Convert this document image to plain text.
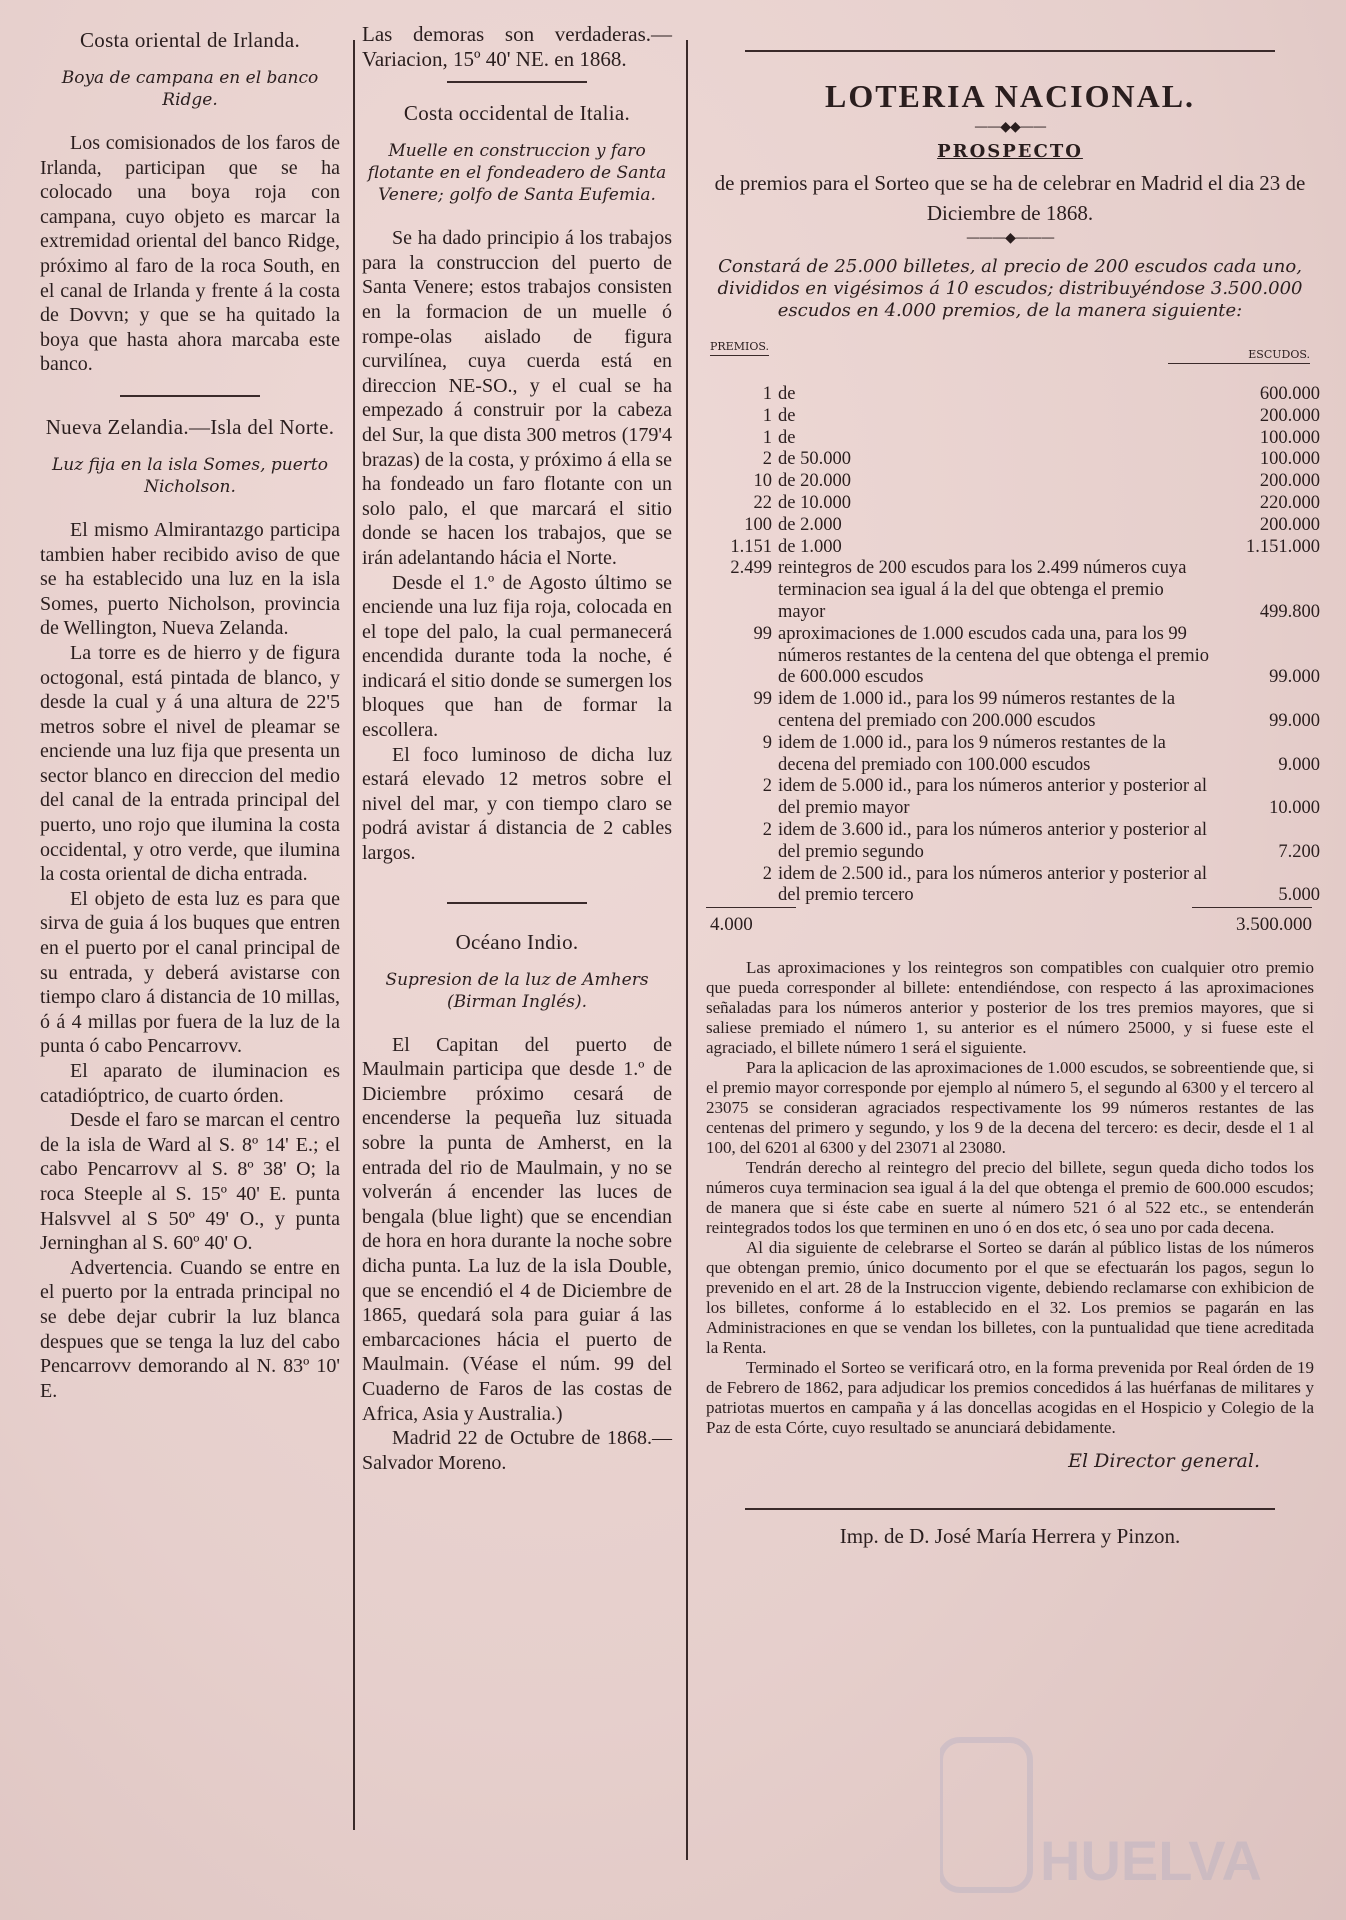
Costa oriental de Irlanda.
Boya de campana en el banco Ridge.

Los comisionados de los faros de Irlanda, participan que se ha colocado una boya roja con campana, cuyo objeto es marcar la extremidad oriental del banco Ridge, próximo al faro de la roca South, en el canal de Irlanda y frente á la costa de Dovvn; y que se ha quitado la boya que hasta ahora marcaba este banco.

Nueva Zelandia.—Isla del Norte.
Luz fija en la isla Somes, puerto Nicholson.

El mismo Almirantazgo participa tambien haber recibido aviso de que se ha establecido una luz en la isla Somes, puerto Nicholson, provincia de Wellington, Nueva Zelanda.

La torre es de hierro y de figura octogonal, está pintada de blanco, y desde la cual y á una altura de 22'5 metros sobre el nivel de pleamar se enciende una luz fija que presenta un sector blanco en direccion del medio del canal de la entrada principal del puerto, uno rojo que ilumina la costa occidental, y otro verde, que ilumina la costa oriental de dicha entrada.

El objeto de esta luz es para que sirva de guia á los buques que entren en el puerto por el canal principal de su entrada, y deberá avistarse con tiempo claro á distancia de 10 millas, ó á 4 millas por fuera de la luz de la punta ó cabo Pencarrovv.

El aparato de iluminacion es catadióptrico, de cuarto órden.

Desde el faro se marcan el centro de la isla de Ward al S. 8º 14' E.; el cabo Pencarrovv al S. 8º 38' O; la roca Steeple al S. 15º 40' E. punta Halsvvel al S 50º 49' O., y punta Jerninghan al S. 60º 40' O.

Advertencia. Cuando se entre en el puerto por la entrada principal no se debe dejar cubrir la luz blanca despues que se tenga la luz del cabo Pencarrovv demorando al N. 83º 10' E.

Las demoras son verdaderas.—Variacion, 15º 40' NE. en 1868.

Costa occidental de Italia.
Muelle en construccion y faro flotante en el fondeadero de Santa Venere; golfo de Santa Eufemia.

Se ha dado principio á los trabajos para la construccion del puerto de Santa Venere; estos trabajos consisten en la formacion de un muelle ó rompe-olas aislado de figura curvilínea, cuya cuerda está en direccion NE-SO., y el cual se ha empezado á construir por la cabeza del Sur, la que dista 300 metros (179'4 brazas) de la costa, y próximo á ella se ha fondeado un faro flotante con un solo palo, el que marcará el sitio donde se hacen los trabajos, que se irán adelantando hácia el Norte.

Desde el 1.º de Agosto último se enciende una luz fija roja, colocada en el tope del palo, la cual permanecerá encendida durante toda la noche, é indicará el sitio donde se sumergen los bloques que han de formar la escollera.

El foco luminoso de dicha luz estará elevado 12 metros sobre el nivel del mar, y con tiempo claro se podrá avistar á distancia de 2 cables largos.

Océano Indio.
Supresion de la luz de Amhers (Birman Inglés).

El Capitan del puerto de Maulmain participa que desde 1.º de Diciembre próximo cesará de encenderse la pequeña luz situada sobre la punta de Amherst, en la entrada del rio de Maulmain, y no se volverán á encender las luces de bengala (blue light) que se encendian de hora en hora durante la noche sobre dicha punta. La luz de la isla Double, que se encendió el 4 de Diciembre de 1865, quedará sola para guiar á las embarcaciones hácia el puerto de Maulmain. (Véase el núm. 99 del Cuaderno de Faros de las costas de Africa, Asia y Australia.)

Madrid 22 de Octubre de 1868.—Salvador Moreno.

LOTERIA NACIONAL.
——◆◆——
PROSPECTO

de premios para el Sorteo que se ha de celebrar en Madrid el dia 23 de Diciembre de 1868.

———◆———

Constará de 25.000 billetes, al precio de 200 escudos cada uno, divididos en vigésimos á 10 escudos; distribuyéndose 3.500.000 escudos en 4.000 premios, de la manera siguiente:

PREMIOS.
ESCUDOS.
1 de	600.000
1 de	200.000
1 de	100.000
2 de 50.000	100.000
10 de 20.000	200.000
22 de 10.000	220.000
100 de 2.000	200.000
1.151 de 1.000	1.151.000
2.499 reintegros de 200 escudos para los 2.499 números cuya terminacion sea igual á la del que obtenga el premio mayor	499.800
99 aproximaciones de 1.000 escudos cada una, para los 99 números restantes de la centena del que obtenga el premio de 600.000 escudos	99.000
99 idem de 1.000 id., para los 99 números restantes de la centena del premiado con 200.000 escudos	99.000
9 idem de 1.000 id., para los 9 números restantes de la decena del premiado con 100.000 escudos	9.000
2 idem de 5.000 id., para los números anterior y posterior al del premio mayor	10.000
2 idem de 3.600 id., para los números anterior y posterior al del premio segundo	7.200
2 idem de 2.500 id., para los números anterior y posterior al del premio tercero	5.000
4.000	3.500.000

Las aproximaciones y los reintegros son compatibles con cualquier otro premio que pueda corresponder al billete: entendiéndose, con respecto á las aproximaciones señaladas para los números anterior y posterior de los tres premios mayores, que si saliese premiado el número 1, su anterior es el número 25000, y si fuese este el agraciado, el billete número 1 será el siguiente.

Para la aplicacion de las aproximaciones de 1.000 escudos, se sobreentiende que, si el premio mayor corresponde por ejemplo al número 5, el segundo al 6300 y el tercero al 23075 se consideran agraciados respectivamente los 99 números restantes de las centenas del primero y segundo, y los 9 de la decena del tercero: es decir, desde el 1 al 100, del 6201 al 6300 y del 23071 al 23080.

Tendrán derecho al reintegro del precio del billete, segun queda dicho todos los números cuya terminacion sea igual á la del que obtenga el premio de 600.000 escudos; de manera que si éste cabe en suerte al número 521 ó al 522 etc., se entenderán reintegrados todos los que terminen en uno ó en dos etc, ó sea uno por cada decena.

Al dia siguiente de celebrarse el Sorteo se darán al público listas de los números que obtengan premio, único documento por el que se efectuarán los pagos, segun lo prevenido en el art. 28 de la Instruccion vigente, debiendo reclamarse con exhibicion de los billetes, conforme á lo establecido en el 32. Los premios se pagarán en las Administraciones en que se vendan los billetes, con la puntualidad que tiene acreditada la Renta.

Terminado el Sorteo se verificará otro, en la forma prevenida por Real órden de 19 de Febrero de 1862, para adjudicar los premios concedidos á las huérfanas de militares y patriotas muertos en campaña y á las doncellas acogidas en el Hospicio y Colegio de la Paz de esta Córte, cuyo resultado se anunciará debidamente.

El Director general.
Imp. de D. José María Herrera y Pinzon.
HUELVA
